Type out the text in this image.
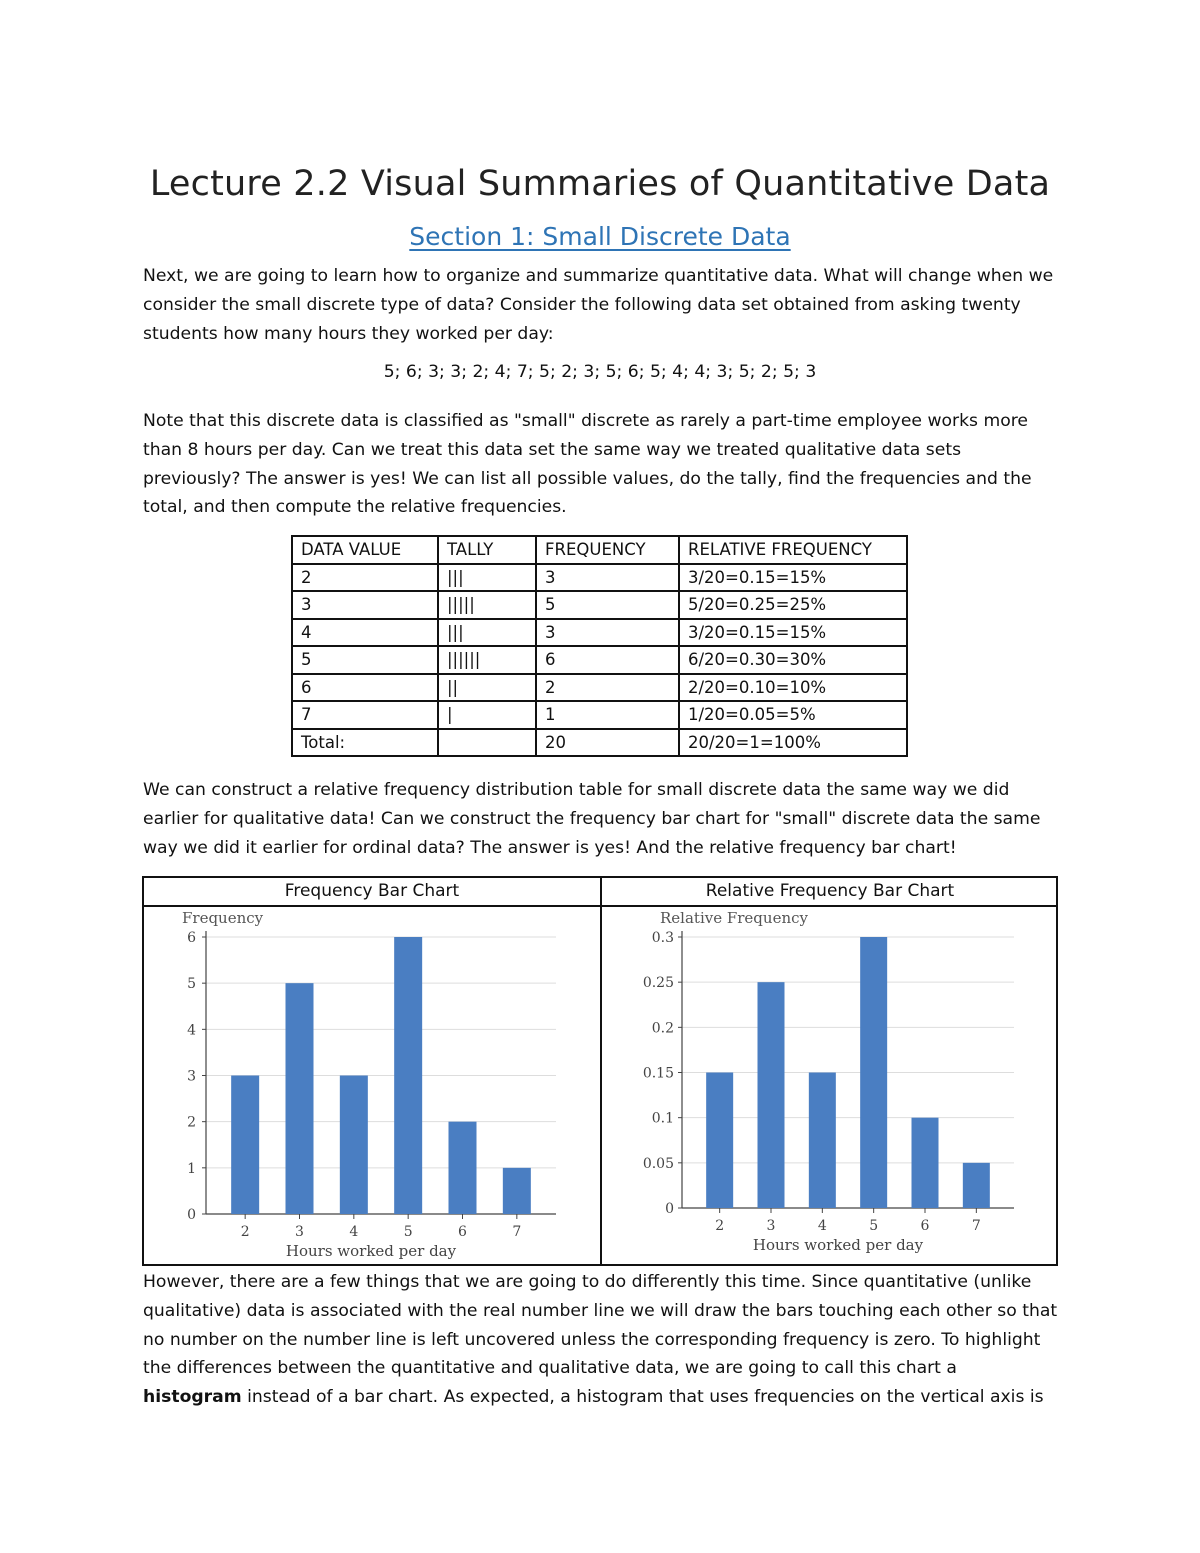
Lecture 2.2 Visual Summaries of Quantitative Data
Section 1: Small Discrete Data
Next, we are going to learn how to organize and summarize quantitative data. What will change when we consider the small discrete type of data? Consider the following data set obtained from asking twenty students how many hours they worked per day:
5; 6; 3; 3; 2; 4; 7; 5; 2; 3; 5; 6; 5; 4; 4; 3; 5; 2; 5; 3
Note that this discrete data is classified as "small" discrete as rarely a part-time employee works more than 8 hours per day. Can we treat this data set the same way we treated qualitative data sets previously? The answer is yes! We can list all possible values, do the tally, find the frequencies and the total, and then compute the relative frequencies.
DATA VALUE	TALLY	FREQUENCY	RELATIVE FREQUENCY
2	|||	3	3/20=0.15=15%
3	|||||	5	5/20=0.25=25%
4	|||	3	3/20=0.15=15%
5	||||||	6	6/20=0.30=30%
6	||	2	2/20=0.10=10%
7	|	1	1/20=0.05=5%
Total:		20	20/20=1=100%
We can construct a relative frequency distribution table for small discrete data the same way we did earlier for qualitative data! Can we construct the frequency bar chart for "small" discrete data the same way we did it earlier for ordinal data? The answer is yes! And the relative frequency bar chart!
Frequency Bar Chart
Frequency
0
1
2
3
4
5
6
2	3	4	5	6	7
Hours worked per day
Relative Frequency Bar Chart
Relative Frequency
0
0.05
0.1
0.15
0.2
0.25
0.3
2	3	4	5	6	7
Hours worked per day
However, there are a few things that we are going to do differently this time. Since quantitative (unlike qualitative) data is associated with the real number line we will draw the bars touching each other so that no number on the number line is left uncovered unless the corresponding frequency is zero. To highlight the differences between the quantitative and qualitative data, we are going to call this chart a histogram instead of a bar chart. As expected, a histogram that uses frequencies on the vertical axis is
